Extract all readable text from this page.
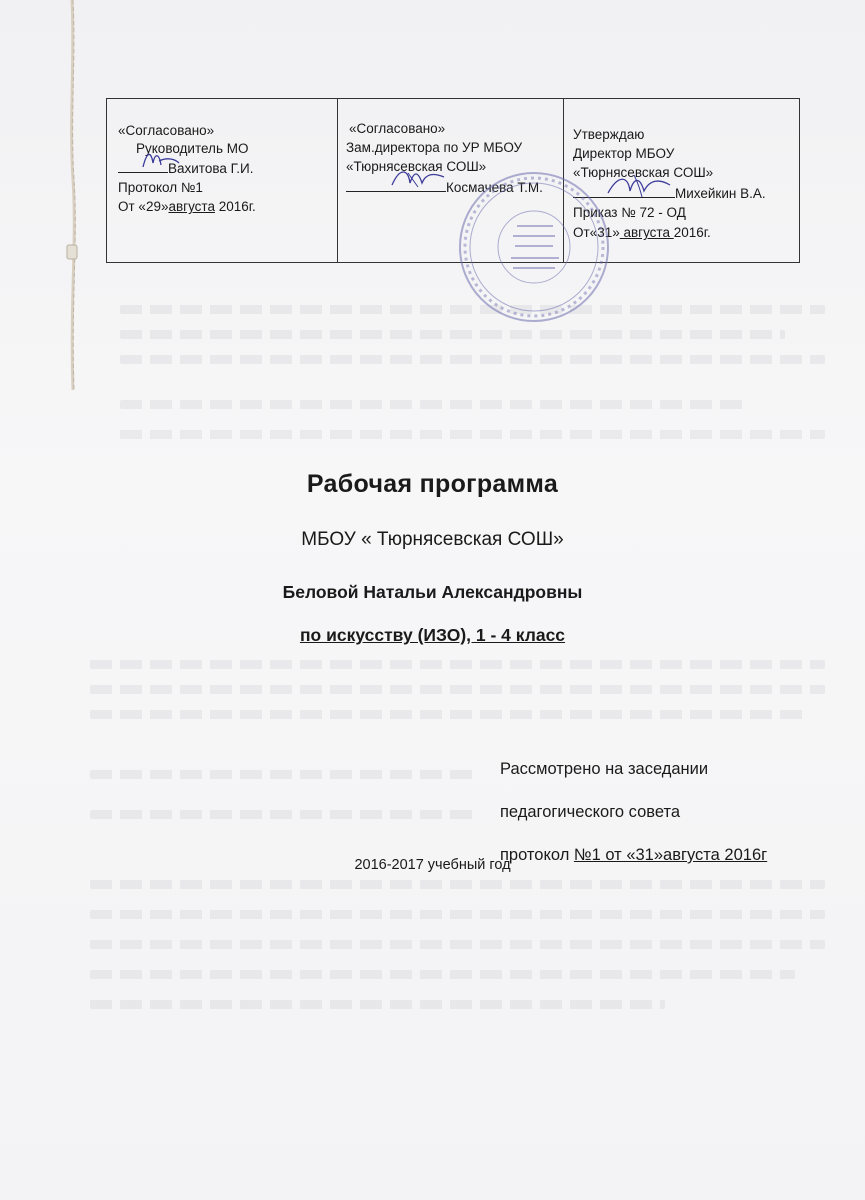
«Согласовано»
Руководитель МО
Вахитова Г.И.
Протокол №1
От «29»августа 2016г.

«Согласовано»
Зам.директора по УР МБОУ
«Тюрнясевская СОШ»
Космачева Т.М.

Утверждаю
Директор МБОУ
«Тюрнясевская СОШ»
Михейкин В.А.
Приказ № 72 - ОД
От«31» августа 2016г.
Рабочая программа
МБОУ « Тюрнясевская СОШ»
Беловой Натальи Александровны
по искусству (ИЗО), 1 - 4 класс
Рассмотрено на заседании
педагогического совета
протокол №1 от «31»августа 2016г
2016-2017 учебный год
